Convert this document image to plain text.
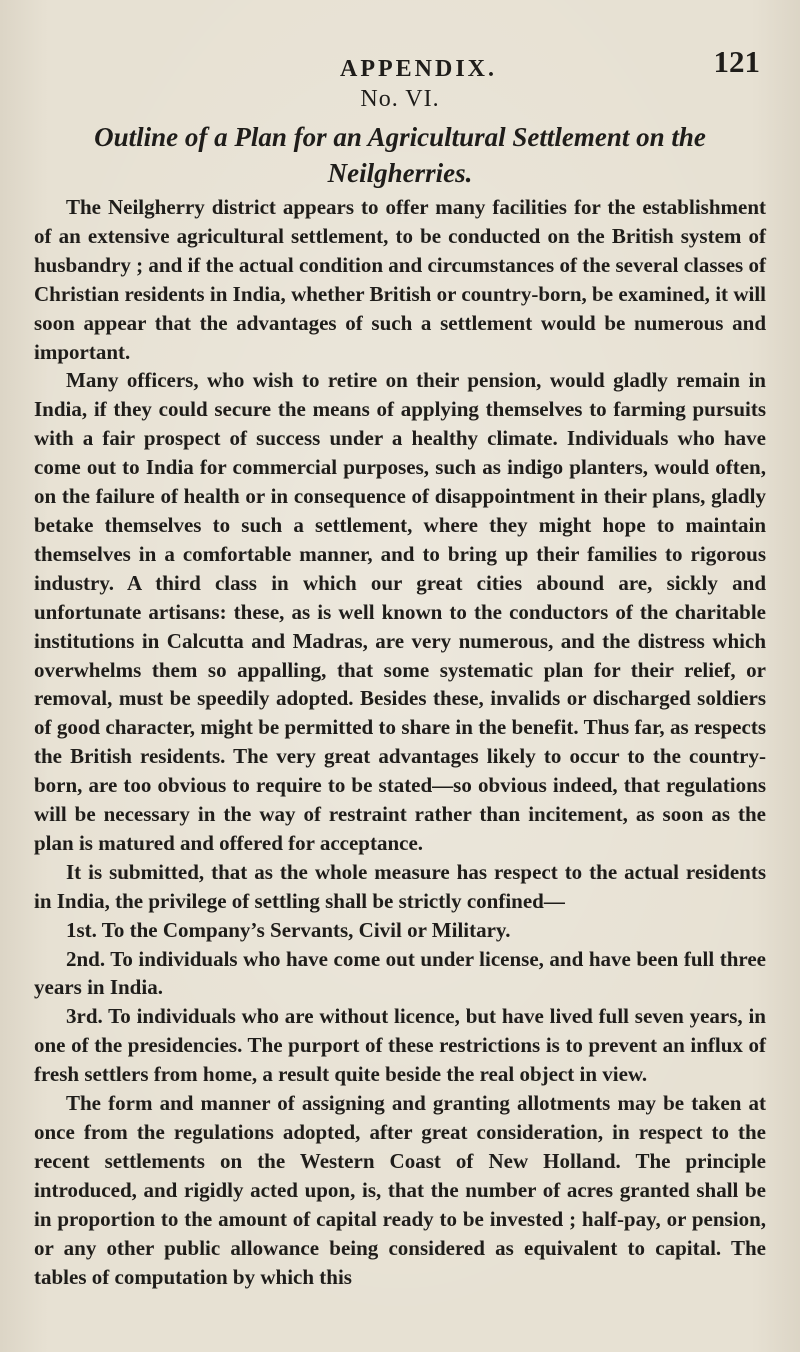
APPENDIX.	121
No. VI.
Outline of a Plan for an Agricultural Settlement on the Neilgherries.

The Neilgherry district appears to offer many facilities for the establishment of an extensive agricultural settlement, to be conducted on the British system of husbandry ; and if the actual condition and circumstances of the several classes of Christian residents in India, whether British or country-born, be examined, it will soon appear that the advantages of such a settlement would be numerous and important.

Many officers, who wish to retire on their pension, would gladly remain in India, if they could secure the means of applying themselves to farming pursuits with a fair prospect of success under a healthy climate. Individuals who have come out to India for commercial purposes, such as indigo planters, would often, on the failure of health or in consequence of disappointment in their plans, gladly betake themselves to such a settlement, where they might hope to maintain themselves in a comfortable manner, and to bring up their families to rigorous industry. A third class in which our great cities abound are, sickly and unfortunate artisans: these, as is well known to the conductors of the charitable institutions in Calcutta and Madras, are very numerous, and the distress which overwhelms them so appalling, that some systematic plan for their relief, or removal, must be speedily adopted. Besides these, invalids or discharged soldiers of good character, might be permitted to share in the benefit. Thus far, as respects the British residents. The very great advantages likely to occur to the country-born, are too obvious to require to be stated—so obvious indeed, that regulations will be necessary in the way of restraint rather than incitement, as soon as the plan is matured and offered for acceptance.

It is submitted, that as the whole measure has respect to the actual residents in India, the privilege of settling shall be strictly confined—

1st. To the Company’s Servants, Civil or Military.

2nd. To individuals who have come out under license, and have been full three years in India.

3rd. To individuals who are without licence, but have lived full seven years, in one of the presidencies. The purport of these restrictions is to prevent an influx of fresh settlers from home, a result quite beside the real object in view.

The form and manner of assigning and granting allotments may be taken at once from the regulations adopted, after great consideration, in respect to the recent settlements on the Western Coast of New Holland. The principle introduced, and rigidly acted upon, is, that the number of acres granted shall be in proportion to the amount of capital ready to be invested ; half-pay, or pension, or any other public allowance being considered as equivalent to capital. The tables of computation by which this
